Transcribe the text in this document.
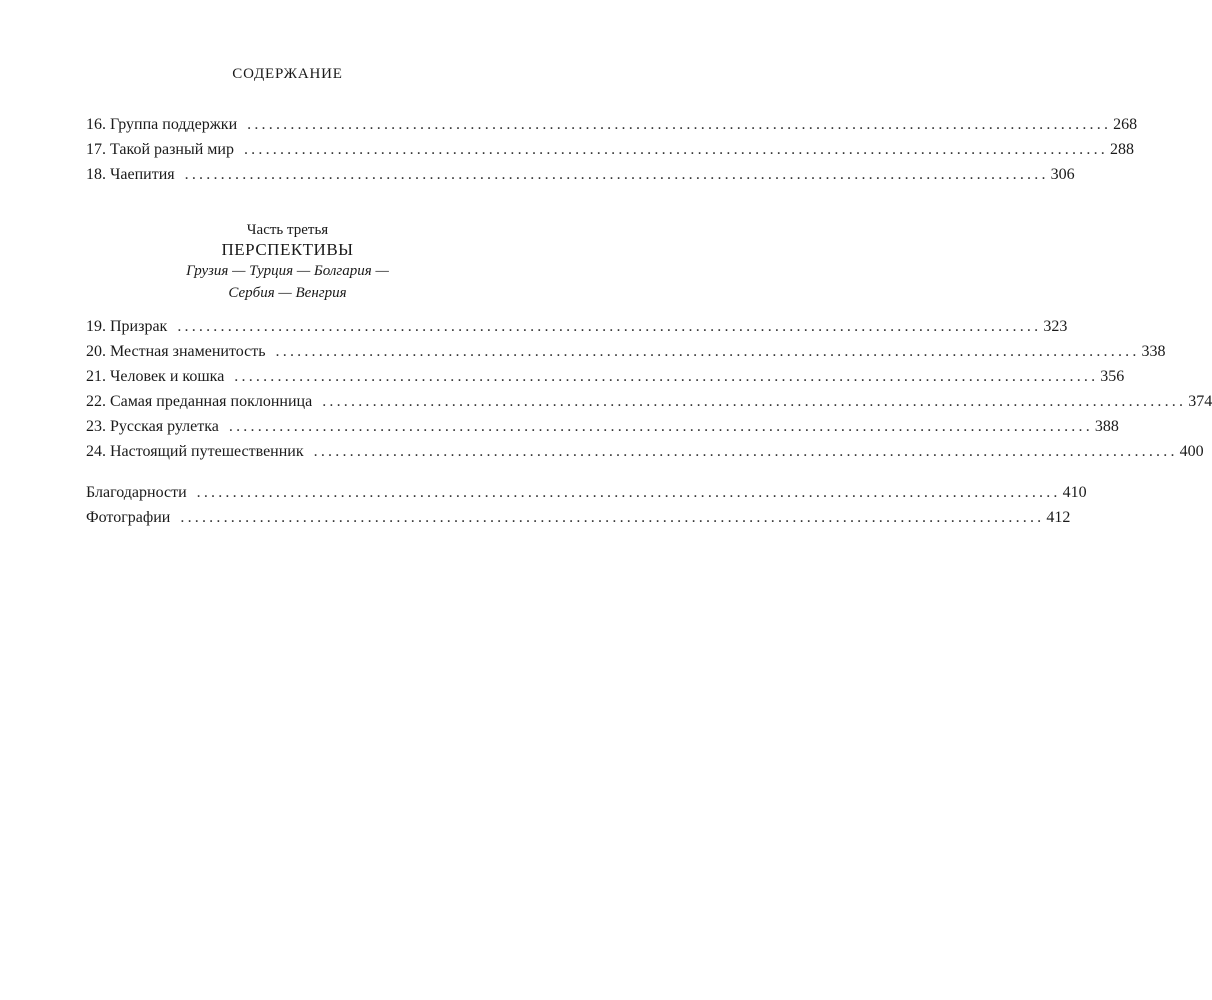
СОДЕРЖАНИЕ
16. Группа поддержки ........................................................................................................................ 268
17. Такой разный мир ........................................................................................................................ 288
18. Чаепития ........................................................................................................................ 306
Часть третья
ПЕРСПЕКТИВЫ
Грузия — Турция — Болгария —
Сербия — Венгрия
19. Призрак ........................................................................................................................ 323
20. Местная знаменитость ........................................................................................................................ 338
21. Человек и кошка ........................................................................................................................ 356
22. Самая преданная поклонница ........................................................................................................................ 374
23. Русская рулетка ........................................................................................................................ 388
24. Настоящий путешественник ........................................................................................................................ 400
Благодарности ........................................................................................................................ 410
Фотографии ........................................................................................................................ 412
